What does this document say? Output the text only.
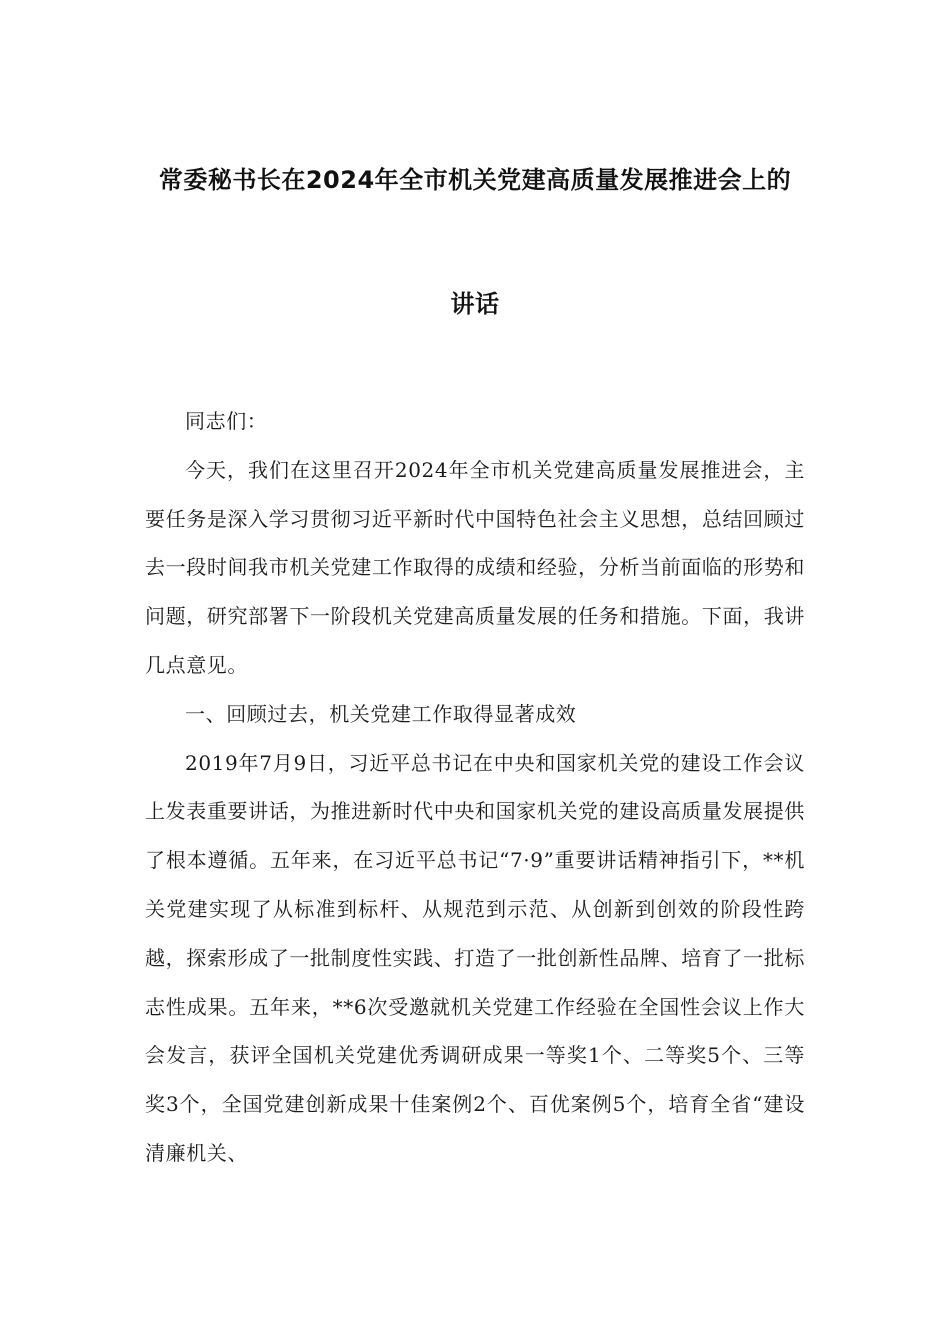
常委秘书长在2024年全市机关党建高质量发展推进会上的
讲话

同志们：

今天，我们在这里召开2024年全市机关党建高质量发展推进会，主要任务是深入学习贯彻习近平新时代中国特色社会主义思想，总结回顾过去一段时间我市机关党建工作取得的成绩和经验，分析当前面临的形势和问题，研究部署下一阶段机关党建高质量发展的任务和措施。下面，我讲几点意见。

一、回顾过去，机关党建工作取得显著成效

2019年7月9日，习近平总书记在中央和国家机关党的建设工作会议上发表重要讲话，为推进新时代中央和国家机关党的建设高质量发展提供了根本遵循。五年来，在习近平总书记“7·9”重要讲话精神指引下，**机关党建实现了从标准到标杆、从规范到示范、从创新到创效的阶段性跨越，探索形成了一批制度性实践、打造了一批创新性品牌、培育了一批标志性成果。五年来，**6次受邀就机关党建工作经验在全国性会议上作大会发言，获评全国机关党建优秀调研成果一等奖1个、二等奖5个、三等奖3个，全国党建创新成果十佳案例2个、百优案例5个，培育全省“建设清廉机关、
